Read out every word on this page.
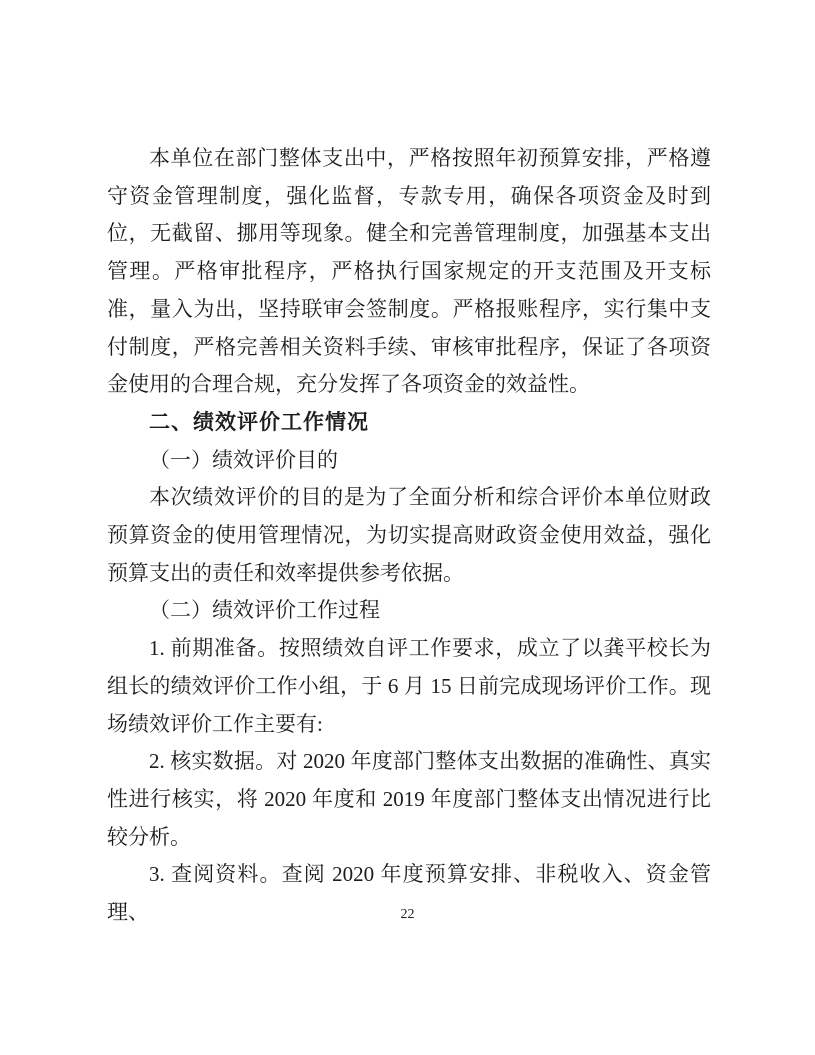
本单位在部门整体支出中，严格按照年初预算安排，严格遵守资金管理制度，强化监督，专款专用，确保各项资金及时到位，无截留、挪用等现象。健全和完善管理制度，加强基本支出管理。严格审批程序，严格执行国家规定的开支范围及开支标准，量入为出，坚持联审会签制度。严格报账程序，实行集中支付制度，严格完善相关资料手续、审核审批程序，保证了各项资金使用的合理合规，充分发挥了各项资金的效益性。

二、绩效评价工作情况

（一）绩效评价目的

本次绩效评价的目的是为了全面分析和综合评价本单位财政预算资金的使用管理情况，为切实提高财政资金使用效益，强化预算支出的责任和效率提供参考依据。

（二）绩效评价工作过程

1. 前期准备。按照绩效自评工作要求，成立了以龚平校长为组长的绩效评价工作小组，于 6 月 15 日前完成现场评价工作。现场绩效评价工作主要有:

2. 核实数据。对 2020 年度部门整体支出数据的准确性、真实性进行核实，将 2020 年度和 2019 年度部门整体支出情况进行比较分析。

3. 查阅资料。查阅 2020 年度预算安排、非税收入、资金管理、	22
